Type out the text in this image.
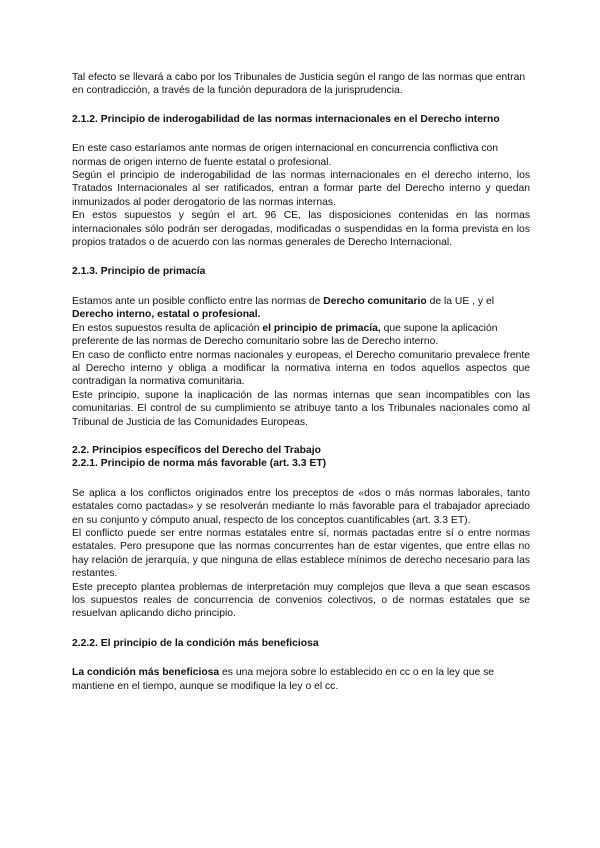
Tal efecto se llevará a cabo por los Tribunales de Justicia según el rango de las normas que entran en contradicción, a través de la función depuradora de la jurisprudencia.

2.1.2. Principio de inderogabilidad de las normas internacionales en el Derecho interno

En este caso estaríamos ante normas de origen internacional en concurrencia conflictiva con normas de origen interno de fuente estatal o profesional.

Según el principio de inderogabilidad de las normas internacionales en el derecho interno, los Tratados Internacionales al ser ratificados, entran a formar parte del Derecho interno y quedan inmunizados al poder derogatorio de las normas internas.

En estos supuestos y según el art. 96 CE, las disposiciones contenidas en las normas internacionales sólo podrán ser derogadas, modificadas o suspendidas en la forma prevista en los propios tratados o de acuerdo con las normas generales de Derecho Internacional.

2.1.3. Principio de primacía

Estamos ante un posible conflicto entre las normas de Derecho comunitario de la UE , y el Derecho interno, estatal o profesional.

En estos supuestos resulta de aplicación el principio de primacía, que supone la aplicación preferente de las normas de Derecho comunitario sobre las de Derecho interno.

En caso de conflicto entre normas nacionales y europeas, el Derecho comunitario prevalece frente al Derecho interno y obliga a modificar la normativa interna en todos aquellos aspectos que contradigan la normativa comunitaria.

Este principio, supone la inaplicación de las normas internas que sean incompatibles con las comunitarias. El control de su cumplimiento se atribuye tanto a los Tribunales nacionales como al Tribunal de Justicia de las Comunidades Europeas.

2.2. Principios específicos del Derecho del Trabajo

2.2.1. Principio de norma más favorable (art. 3.3 ET)

Se aplica a los conflictos originados entre los preceptos de «dos o más normas laborales, tanto estatales como pactadas» y se resolverán mediante lo más favorable para el trabajador apreciado en su conjunto y cómputo anual, respecto de los conceptos cuantificables (art. 3.3 ET).

El conflicto puede ser entre normas estatales entre sí, normas pactadas entre sí o entre normas estatales. Pero presupone que las normas concurrentes han de estar vigentes, que entre ellas no hay relación de jerarquía, y que ninguna de ellas establece mínimos de derecho necesario para las restantes.

Este precepto plantea problemas de interpretación muy complejos que lleva a que sean escasos los supuestos reales de concurrencia de convenios colectivos, o de normas estatales que se resuelvan aplicando dicho principio.

2.2.2. El principio de la condición más beneficiosa

La condición más beneficiosa es una mejora sobre lo establecido en cc o en la ley que se mantiene en el tiempo, aunque se modifique la ley o el cc.
